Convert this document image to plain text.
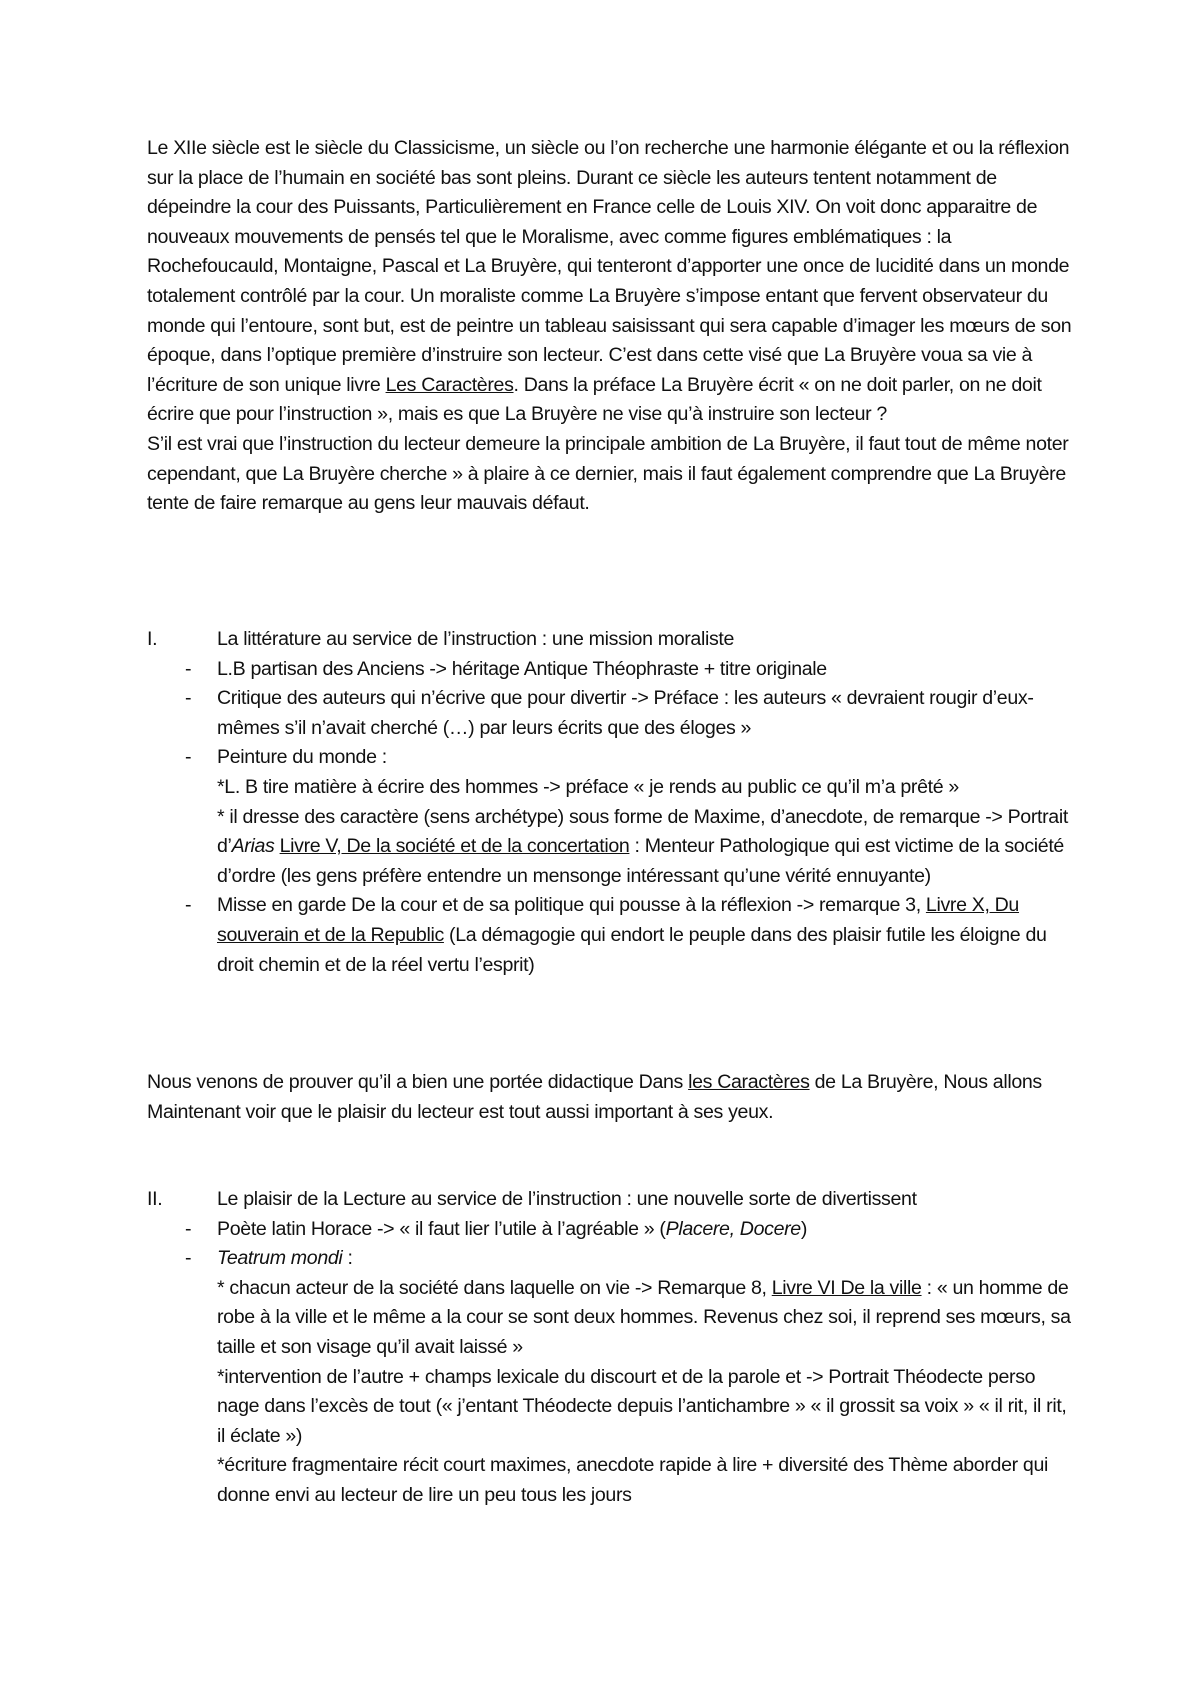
Le XIIe siècle est le siècle du Classicisme, un siècle ou l’on recherche une harmonie élégante et ou la réflexion sur la place de l’humain en société bas sont pleins. Durant ce siècle les auteurs tentent notamment de dépeindre la cour des Puissants, Particulièrement en France celle de Louis XIV. On voit donc apparaitre de nouveaux mouvements de pensés tel que le Moralisme, avec comme figures emblématiques : la Rochefoucauld, Montaigne, Pascal et La Bruyère, qui tenteront d’apporter une once de lucidité dans un monde totalement contrôlé par la cour. Un moraliste comme La Bruyère s’impose entant que fervent observateur du monde qui l’entoure, sont but, est de peintre un tableau saisissant qui sera capable d’imager les mœurs de son époque, dans l’optique première d’instruire son lecteur. C’est dans cette visé que La Bruyère voua sa vie à l’écriture de son unique livre Les Caractères. Dans la préface La Bruyère écrit « on ne doit parler, on ne doit écrire que pour l’instruction », mais es que La Bruyère ne vise qu’à instruire son lecteur ?

S’il est vrai que l’instruction du lecteur demeure la principale ambition de La Bruyère, il faut tout de même noter cependant, que La Bruyère cherche » à plaire à ce dernier, mais il faut également comprendre que La Bruyère tente de faire remarque au gens leur mauvais défaut.

I.	La littérature au service de l’instruction : une mission moraliste

- L.B partisan des Anciens -> héritage Antique Théophraste + titre originale

- Critique des auteurs qui n’écrive que pour divertir -> Préface : les auteurs « devraient rougir d’eux-mêmes s’il n’avait cherché (…) par leurs écrits que des éloges »

- Peinture du monde :

*L. B tire matière à écrire des hommes -> préface « je rends au public ce qu’il m’a prêté »

* il dresse des caractère (sens archétype) sous forme de Maxime, d’anecdote, de remarque -> Portrait d’Arias Livre V, De la société et de la concertation : Menteur Pathologique qui est victime de la société d’ordre (les gens préfère entendre un mensonge intéressant qu’une vérité ennuyante)

- Misse en garde De la cour et de sa politique qui pousse à la réflexion -> remarque 3, Livre X, Du souverain et de la Republic (La démagogie qui endort le peuple dans des plaisir futile les éloigne du droit chemin et de la réel vertu l’esprit)

Nous venons de prouver qu’il a bien une portée didactique Dans les Caractères de La Bruyère, Nous allons Maintenant voir que le plaisir du lecteur est tout aussi important à ses yeux.

II.	Le plaisir de la Lecture au service de l’instruction : une nouvelle sorte de divertissent

- Poète latin Horace -> « il faut lier l’utile à l’agréable » (Placere, Docere)

- Teatrum mondi :

* chacun acteur de la société dans laquelle on vie -> Remarque 8, Livre VI De la ville : « un homme de robe à la ville et le même a la cour se sont deux hommes. Revenus chez soi, il reprend ses mœurs, sa taille et son visage qu’il avait laissé »

*intervention de l’autre + champs lexicale du discourt et de la parole et -> Portrait Théodecte perso nage dans l’excès de tout (« j’entant Théodecte depuis l’antichambre » « il grossit sa voix » « il rit, il rit, il éclate »)

*écriture fragmentaire récit court maximes, anecdote rapide à lire + diversité des Thème aborder qui donne envi au lecteur de lire un peu tous les jours
